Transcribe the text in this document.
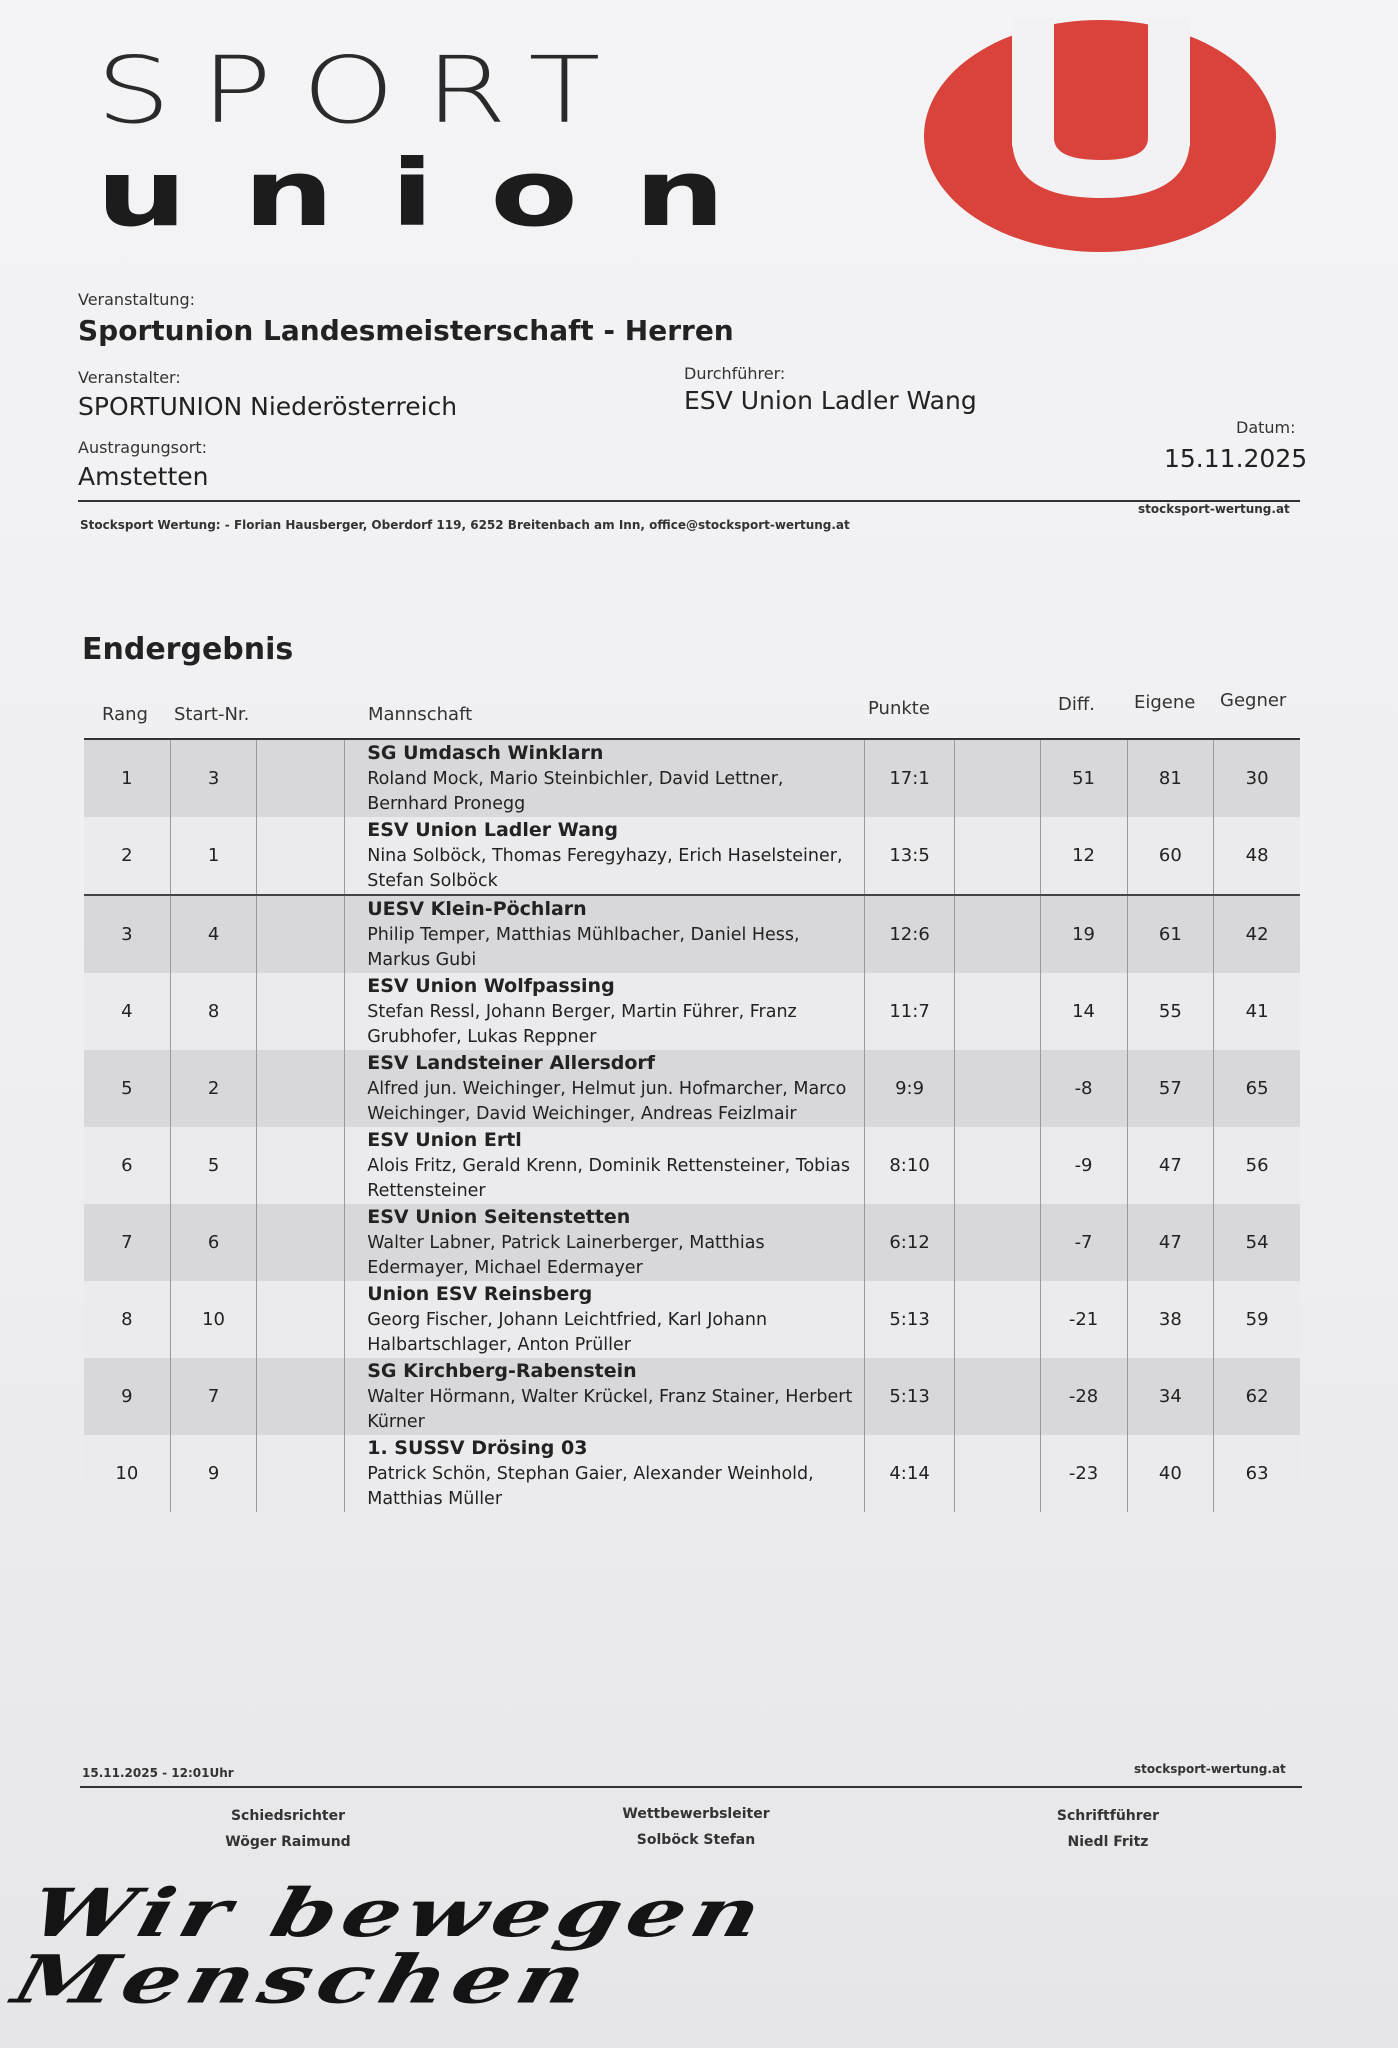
SPORT
union
Veranstaltung:
Sportunion Landesmeisterschaft - Herren
Veranstalter:
SPORTUNION Niederösterreich
Durchführer:
ESV Union Ladler Wang
Austragungsort:
Amstetten
Datum:
15.11.2025
Stocksport Wertung: - Florian Hausberger, Oberdorf 119, 6252 Breitenbach am Inn, office@stocksport-wertung.at
stocksport-wertung.at
Endergebnis
Rang Start-Nr.	Mannschaft	Punkte	Diff. Eigene Gegner
1	3		SG Umdasch Winklarn
Roland Mock, Mario Steinbichler, David Lettner, Bernhard Pronegg	17:1		51	81	30
2	1		ESV Union Ladler Wang
Nina Solböck, Thomas Feregyhazy, Erich Haselsteiner, Stefan Solböck	13:5		12	60	48
3	4		UESV Klein-Pöchlarn
Philip Temper, Matthias Mühlbacher, Daniel Hess, Markus Gubi	12:6		19	61	42
4	8		ESV Union Wolfpassing
Stefan Ressl, Johann Berger, Martin Führer, Franz Grubhofer, Lukas Reppner	11:7		14	55	41
5	2		ESV Landsteiner Allersdorf
Alfred jun. Weichinger, Helmut jun. Hofmarcher, Marco Weichinger, David Weichinger, Andreas Feizlmair	9:9		-8	57	65
6	5		ESV Union Ertl
Alois Fritz, Gerald Krenn, Dominik Rettensteiner, Tobias Rettensteiner	8:10		-9	47	56
7	6		ESV Union Seitenstetten
Walter Labner, Patrick Lainerberger, Matthias Edermayer, Michael Edermayer	6:12		-7	47	54
8	10		Union ESV Reinsberg
Georg Fischer, Johann Leichtfried, Karl Johann Halbartschlager, Anton Prüller	5:13		-21	38	59
9	7		SG Kirchberg-Rabenstein
Walter Hörmann, Walter Krückel, Franz Stainer, Herbert Kürner	5:13		-28	34	62
10	9		1. SUSSV Drösing 03
Patrick Schön, Stephan Gaier, Alexander Weinhold, Matthias Müller	4:14		-23	40	63
15.11.2025 - 12:01Uhr	stocksport-wertung.at
Schiedsrichter
Wöger Raimund
Wettbewerbsleiter
Solböck Stefan
Schriftführer
Niedl Fritz
Wir bewegen Menschen
